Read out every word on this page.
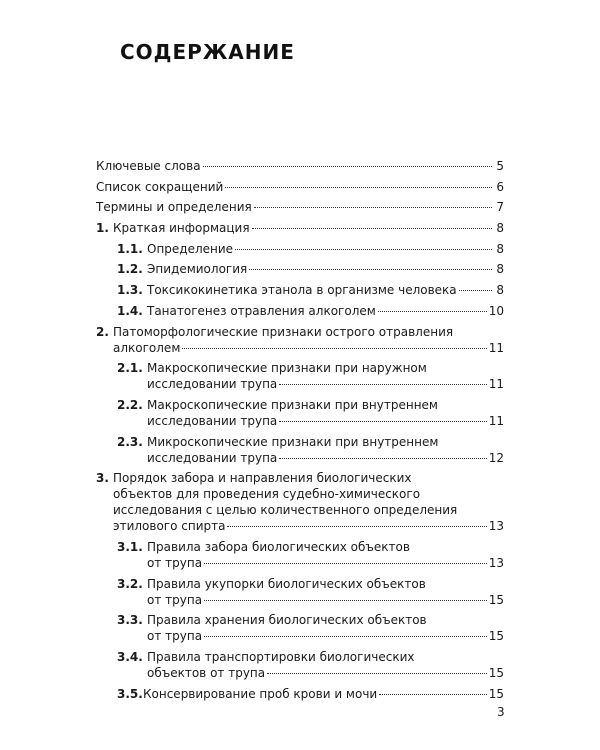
СОДЕРЖАНИЕ
Ключевые слова	5
Список сокращений	6
Термины и определения	7
1. Краткая информация	8
1.1. Определение	8
1.2. Эпидемиология	8
1.3. Токсикокинетика этанола в организме человека	8
1.4. Танатогенез отравления алкоголем	10
2. Патоморфологические признаки острого отравления
алкоголем	11
2.1. Макроскопические признаки при наружном
исследовании трупа	11
2.2. Макроскопические признаки при внутреннем
исследовании трупа	11
2.3. Микроскопические признаки при внутреннем
исследовании трупа	12
3. Порядок забора и направления биологических
объектов для проведения судебно-химического
исследования с целью количественного определения
этилового спирта	13
3.1. Правила забора биологических объектов
от трупа	13
3.2. Правила укупорки биологических объектов
от трупа	15
3.3. Правила хранения биологических объектов
от трупа	15
3.4. Правила транспортировки биологических
объектов от трупа	15
3.5. Консервирование проб крови и мочи	15
3
